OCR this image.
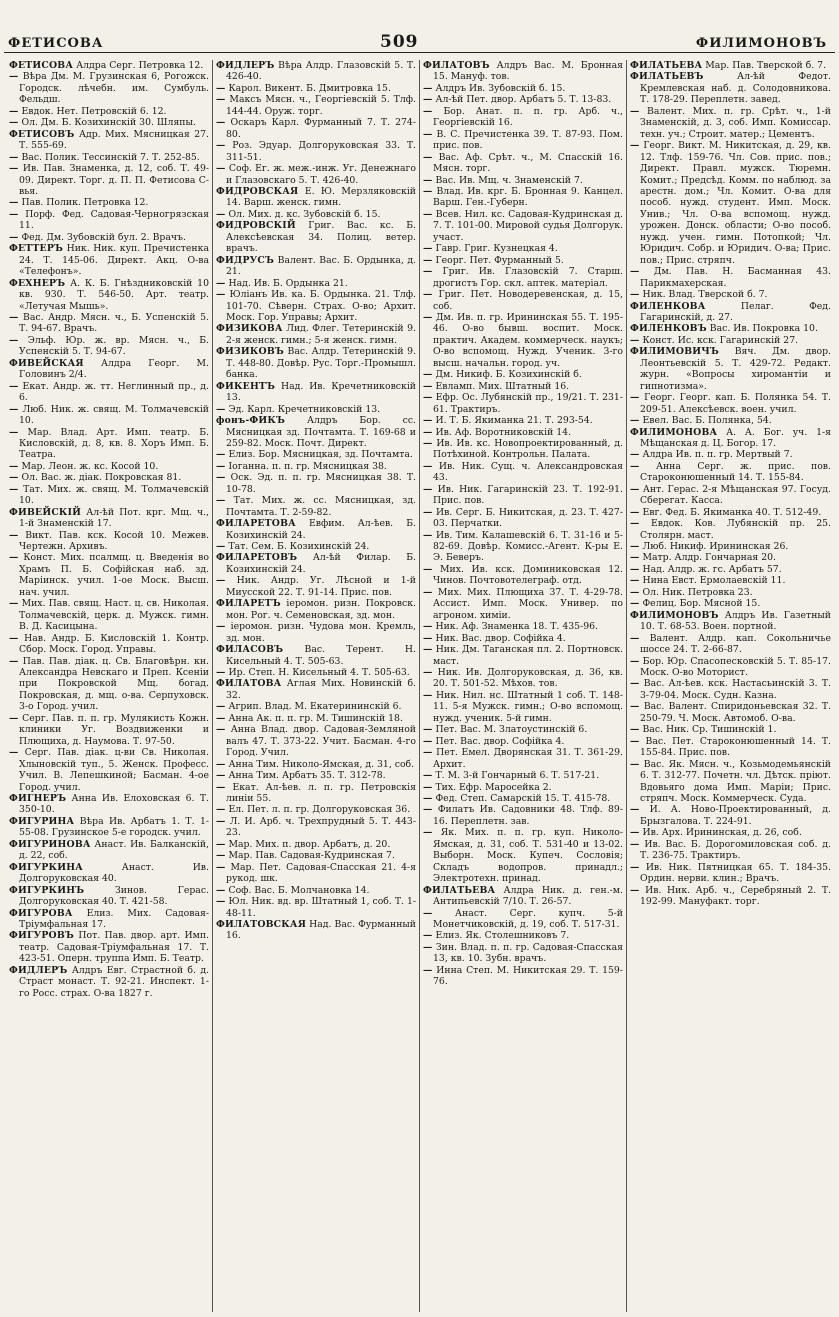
ФЕТИСОВА	509	ФИЛИМОНОВЪ

ФЕТИСОВА Алдра Серг. Петровка 12.

— Вѣра Дм. М. Грузинская 6, Рогожск. Городск. лѣчебн. им. Сумбуль. Фельдш.

— Евдок. Нет. Петровскій 6. 12.

— Ол. Дм. Б. Козихинскій 30. Шляпы.

ФЕТИСОВЪ Адр. Мих. Мясницкая 27. Т. 555-69.

— Вас. Полик. Тессинскій 7. Т. 252-85.

— Ив. Пав. Знаменка, д. 12, соб. Т. 49-09. Директ. Торг. д. П. П. Фетисова С-вья.

— Пав. Полик. Петровка 12.

— Порф. Фед. Садовая-Черногрязская 11.

— Фед. Дм. Зубовскій бул. 2. Врачъ.

ФЕТТЕРЪ Ник. Ник. куп. Пречистенка 24. Т. 145-06. Директ. Акц. О-ва «Телефонъ».

ФЕХНЕРЪ А. К. Б. Гнѣздниковскій 10 кв. 930. Т. 546-50. Арт. театр. «Летучая Мышь».

— Вас. Андр. Мясн. ч., Б. Успенскій 5. Т. 94-67. Врачъ.

— Эльф. Юр. ж. вр. Мясн. ч., Б. Успенскій 5. Т. 94-67.

ФИВЕЙСКАЯ Алдра Георг. М. Головинъ 2/4.

— Екат. Андр. ж. тт. Неглинный пр., д. 6.

— Люб. Ник. ж. свящ. М. Толмачевскій 10.

— Мар. Влад. Арт. Имп. театр. Б. Кисловскій, д. 8, кв. 8. Хоръ Имп. Б. Театра.

— Мар. Леон. ж. кс. Косой 10.

— Ол. Вас. ж. діак. Покровская 81.

— Тат. Мих. ж. свящ. М. Толмачевскій 10.

ФИВЕЙСКІЙ Ал-ѣй Пот. крг. Мщ. ч., 1-й Знаменскій 17.

— Викт. Пав. кск. Косой 10. Межев. Чертежн. Архивъ.

— Конст. Мих. псалмщ. ц. Введенія во Храмъ П. Б. Софійская наб. зд. Маріинск. учил. 1-ое Моск. Высш. нач. учил.

— Мих. Пав. свящ. Наст. ц. св. Николая. Толмачевскій, церк. д. Мужск. гимн. В. Д. Касицына.

— Нав. Андр. Б. Кисловскій 1. Контр. Сбор. Моск. Город. Управы.

— Пав. Пав. діак. ц. Св. Благовѣрн. кн. Александра Невскаго и Преп. Ксеніи при Покровской Мщ. богад. Покровская, д. мщ. о-ва. Серпуховск. 3-о Город. учил.

— Серг. Пав. п. п. гр. Мулякисть Кожн. клиники Уг. Воздвиженки и Плющиха, д. Наумова. Т. 97-50.

— Серг. Пав. діак. ц-ви Св. Николая. Хлыновскій туп., 5. Женск. Професс. Учил. В. Лепешкиной; Басман. 4-ое Город. учил.

ФИГНЕРЪ Анна Ив. Елоховская 6. Т. 350-10.

ФИГУРИНА Вѣра Ив. Арбатъ 1. Т. 1-55-08. Грузинское 5-е городск. учил.

ФИГУРИНОВА Анаст. Ив. Балканскій, д. 22, соб.

ФИГУРКИНА	Анаст. Ив. Долгоруковская 40.

ФИГУРКИНЪ	Зинов. Герас. Долгоруковская 40. Т. 421-58.

ФИГУРОВА Елиз. Мих. Садовая-Тріумфальная 17.

ФИГУРОВЪ Пот. Пав. двор. арт. Имп. театр. Садовая-Тріумфальная 17. Т. 423-51. Оперн. труппа Имп. Б. Театр.

ФИДЛЕРЪ Алдръ Евг. Страстной б. д. Страст монаст. Т. 92-21. Инспект. 1-го Росс. страх. О-ва 1827 г.

ФИДЛЕРЪ Вѣра Алдр. Глазовскій 5. Т. 426-40.

— Карол. Викент. Б. Дмитровка 15.

— Максъ Мясн. ч., Георгіевскій 5. Тлф. 144-44. Оруж. торг.

— Оскаръ Карл. Фурманный 7. Т. 274-80.

— Роз. Эдуар. Долгоруковская 33. Т. 311-51.

— Соф. Ег. ж. меж.-инж. Уг. Денежнаго и Глазовскаго 5. Т. 426-40.

ФИДРОВСКАЯ Е. Ю. Мерзляковскій 14. Варш. женск. гимн.

— Ол. Мих. д. кс. Зубовскій б. 15.

ФИДРОВСКІЙ Григ. Вас. кс. Б. Алексѣевская 34. Полиц. ветер. врачъ.

ФИДРУСЪ Валент. Вас. Б. Ордынка, д. 21.

— Над. Ив. Б. Ордынка 21.

— Юліанъ Ив. ка. Б. Ордынка. 21. Тлф. 101-70. Сѣверн. Страх. О-во; Архит. Моск. Гор. Управы; Архит.

ФИЗИКОВА Лид. Флег. Тетеринскій 9. 2-я женск. гимн.; 5-я женск. гимн.

ФИЗИКОВЪ Вас. Алдр. Тетеринскій 9. Т. 448-80. Довѣр. Рус. Торг.-Промышл. банка.

ФИКЕНТЪ Над. Ив. Кречетниковскій 13.

— Эд. Карл. Кречетниковскій 13.

фонъ-ФИКЪ Алдръ Бор. сс. Мясницкая зд. Почтамта. Т. 169-68 и 259-82. Моск. Почт. Директ.

— Елиз. Бор. Мясницкая, зд. Почтамта.

— Іоганна. п. п. гр. Мясницкая 38.

— Оск. Эд. п. п. гр. Мясницкая 38. Т. 10-78.

— Тат. Мих. ж. сс. Мясницкая, зд. Почтамта. Т. 2-59-82.

ФИЛАРЕТОВА Евфим. Ал-ѣев. Б. Козихинскій 24.

— Тат. Сем. Б. Козихинскій 24.

ФИЛАРЕТОВЪ Ал-ѣй Филар. Б. Козихинскій 24.

— Ник. Андр. Уг. Лѣсной и 1-й Миусской 22. Т. 91-14. Прис. пов.

ФИЛАРЕТЪ іеромон. ризн. Покровск. мон. Рог. ч. Семеновская, зд. мон.

— іеромон. ризн. Чудова мон. Кремль, зд. мон.

ФИЛАСОВЪ Вас. Терент. Н. Кисельный 4. Т. 505-63.

— Ир. Степ. Н. Кисельный 4. Т. 505-63.

ФИЛАТОВА Аглая Мих. Новинскій б. 32.

— Агрип. Влад. М. Екатерининскій 6.

— Анна Ак. п. п. гр. М. Тишинскій 18.

— Анна Влад. двор. Садовая-Земляной валъ 47. Т. 373-22. Учит. Басман. 4-го Город. Учил.

— Анна Тим. Николо-Ямская, д. 31, соб.

— Анна Тим. Арбатъ 35. Т. 312-78.

— Екат. Ал-ѣев. л. п. гр. Петровскія линіи 55.

— Ел. Пет. л. п. гр. Долгоруковская 36.

— Л. И. Арб. ч. Трехпрудный 5. Т. 443-23.

— Мар. Мих. п. двор. Арбатъ, д. 20.

— Мар. Пав. Садовая-Кудринская 7.

— Мар. Пет. Садовая-Спасская 21. 4-я рукод. шк.

— Соф. Вас. Б. Молчановка 14.

— Юл. Ник. вд. вр. Штатный 1, соб. Т. 1-48-11.

ФИЛАТОВСКАЯ Над. Вас. Фурманный 16.

ФИЛАТОВЪ Алдръ Вас. М. Бронная 15. Мануф. тов.

— Алдръ Ив. Зубовскій б. 15.

— Ал-ѣй Пет. двор. Арбатъ 5. Т. 13-83.

— Бор. Анат. п. п. гр. Арб. ч., Георгіевскій 16.

— В. С. Пречистенка 39. Т. 87-93. Пом. прис. пов.

— Вас. Аф. Срѣт. ч., М. Спасскій 16. Мясн. торг.

— Вас. Ив. Мщ. ч. Знаменскій 7.

— Влад. Ив. крг. Б. Бронная 9. Канцел. Варш. Ген.-Губерн.

— Всев. Нил. кс. Садовая-Кудринская д. 7. Т. 101-00. Мировой судья Долгорук. участ.

— Гавр. Григ. Кузнецкая 4.

— Георг. Пет. Фурманный 5.

— Григ. Ив. Глазовскій 7. Старш. дрогистъ Гор. скл. аптек. матеріал.

— Григ. Пет. Новодеревенская, д. 15, соб.

— Дм. Ив. п. гр. Ирининская 55. Т. 195-46. О-во бывш. воспит. Моск. практич. Академ. коммерческ. наукъ; О-во вспомощ. Нужд. Ученик. 3-го высш. начальн. город. уч.

— Дм. Никиф. Б. Козихинскій б.

— Евламп. Мих. Штатный 16.

— Ефр. Ос. Лубянскій пр., 19/21. Т. 231-61. Трактиръ.

— И. Т. Б. Якиманка 21. Т. 293-54.

— Ив. Аф. Воротниковскій 14.

— Ив. Ив. кс. Новопроектированный, д. Потѣхиной. Контрольн. Палата.

— Ив. Ник. Сущ. ч. Александровская 43.

— Ив. Ник. Гагаринскій 23. Т. 192-91. Прис. пов.

— Ив. Серг. Б. Никитская, д. 23. Т. 427-03. Перчатки.

— Ив. Тим. Калашевскій 6. Т. 31-16 и 5-82-69. Довѣр. Комисс.-Агент. К-ры Е. Э. Беверъ.

— Мих. Ив. кск. Доминиковская 12. Чинов. Почтовотелеграф. отд.

— Мих. Мих. Плющиха 37. Т. 4-29-78. Ассист. Имп. Моск. Универ. по агроном. химіи.

— Ник. Аф. Знаменка 18. Т. 435-96.

— Ник. Вас. двор. Софійка 4.

— Ник. Дм. Таганская пл. 2. Портновск. маст.

— Ник. Ив. Долгоруковская, д. 36, кв. 20. Т. 501-52. Мѣхов. тов.

— Ник. Нил. нс. Штатный 1 соб. Т. 148-11. 5-я Мужск. гимн.; О-во вспомощ. нужд. ученик. 5-й гимн.

— Пет. Вас. М. Златоустинскій 6.

— Пет. Вас. двор. Софійка 4.

— Пет. Емел. Дворянская 31. Т. 361-29. Архит.

— Т. М. 3-й Гончарный 6. Т. 517-21.

— Тих. Ефр. Маросейка 2.

— Фед. Степ. Самарскій 15. Т. 415-78.

— Филатъ Ив. Садовники 48. Тлф. 89-16. Переплетн. зав.

— Як. Мих. п. п. гр. куп. Николо-Ямская, д. 31, соб. Т. 531-40 и 13-02. Выборн. Моск. Купеч. Сословія; Складъ водопров. принадл.; Электротехн. принад.

ФИЛАТЬЕВА Алдра Ник. д. ген.-м. Антипьевскій 7/10. Т. 26-57.

— Анаст. Серг. купч. 5-й Монетчиковскій, д. 19, соб. Т. 517-31.

— Елиз. Як. Столешниковъ 7.

— Зин. Влад. п. п. гр. Садовая-Спасская 13, кв. 10. Зубн. врачъ.

— Инна Степ. М. Никитская 29. Т. 159-76.

ФИЛАТЬЕВА Мар. Пав. Тверской б. 7.

ФИЛАТЬЕВЪ	Ал-ѣй Федот. Кремлевская наб. д. Солодовникова. Т. 178-29. Переплетн. завед.

— Валент. Мих. п. гр. Срѣт. ч., 1-й Знаменскій, д. 3, соб. Имп. Комиссар. техн. уч.; Строит. матер.; Цементъ.

— Георг. Викт. М. Никитская, д. 29, кв. 12. Тлф. 159-76. Чл. Сов. прис. пов.; Директ. Правл. мужск. Тюремн. Комит.; Предсѣд. Комм. по наблюд. за арестн. дом.; Чл. Комит. О-ва для пособ. нужд. студент. Имп. Моск. Унив.; Чл. О-ва вспомощ. нужд. урожен. Донск. области; О-во пособ. нужд. учен. гимн. Потопкой; Чл. Юридич. Собр. и Юридич. О-ва; Прис. пов.; Прис. стряпч.

— Дм. Пав. Н. Басманная 43. Парикмахерская.

— Ник. Влад. Тверской б. 7.

ФИЛЕНКОВА	Пелаг. Фед. Гагаринскій, д. 27.

ФИЛЕНКОВЪ Вас. Ив. Покровка 10.

— Конст. Ис. кск. Гагаринскій 27.

ФИЛИМОВИЧЪ Вяч. Дм. двор. Леонтьевскій 5. Т. 429-72. Редакт. журн. «Вопросы хиромантіи и гипнотизма».

— Георг. Георг. кап. Б. Полянка 54. Т. 209-51. Алексѣевск. воен. учил.

— Евел. Вас. Б. Полянка, 54.

ФИЛИМОНОВА А. А. Бог. уч. 1-я Мѣщанская д. Ц. Богор. 17.

— Алдра Ив. п. п. гр. Мертвый 7.

— Анна Серг. ж. прис. пов. Староконюшенный 14. Т. 155-84.

— Ант. Герас. 2-я Мѣщанская 97. Госуд. Сберегат. Касса.

— Евг. Фед. Б. Якиманка 40. Т. 512-49.

— Евдок. Ков. Лубянскій пр. 25. Столярн. маст.

— Люб. Никиф. Ирининская 26.

— Матр. Алдр. Гончарная 20.

— Над. Алдр. ж. гс. Арбатъ 57.

— Нина Евст. Ермолаевскій 11.

— Ол. Ник. Петровка 23.

— Фелиц. Бор. Мясной 15.

ФИЛИМОНОВЪ Алдръ Ив. Газетный 10. Т. 68-53. Воен. портной.

— Валент. Алдр. кап. Сокольничье шоссе 24. Т. 2-66-87.

— Бор. Юр. Спасопесковскій 5. Т. 85-17. Моск. О-во Моторист.

— Вас. Ал-ѣев. кск. Настасьинскій 3. Т. 3-79-04. Моск. Судн. Казна.

— Вас. Валент. Спиридоньевская 32. Т. 250-79. Ч. Моск. Автомоб. О-ва.

— Вас. Ник. Ср. Тишинскій 1.

— Вас. Пет. Староконюшенный 14. Т. 155-84. Прис. пов.

— Вас. Як. Мясн. ч., Козьмодемьянскій 6. Т. 312-77. Почетн. чл. Дѣтск. пріют. Вдовьяго дома Имп. Маріи; Прис. стряпч. Моск. Коммерческ. Суда.

— И. А. Ново-Проектированный, д. Брызгалова. Т. 224-91.

— Ив. Арх. Ирининская, д. 26, соб.

— Ив. Вас. Б. Дорогомиловская соб. д. Т. 236-75. Трактиръ.

— Ив. Ник. Пятницкая 65. Т. 184-35. Ордин. нерви. клин.; Врачъ.

— Ив. Ник. Арб. ч., Серебряный 2. Т. 192-99. Мануфакт. торг.
